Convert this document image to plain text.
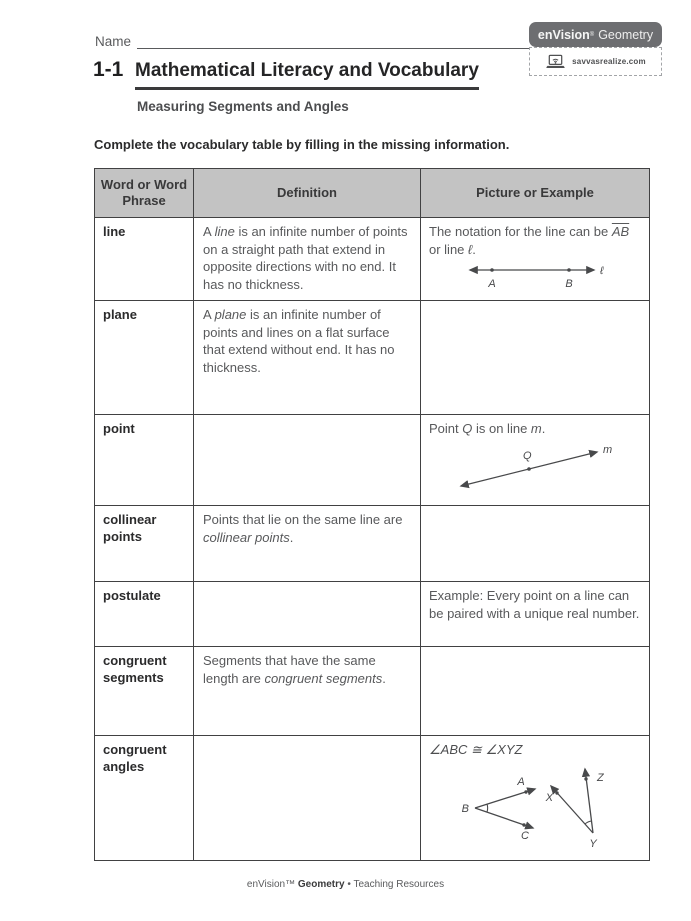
Name	enVision ® Geometry
savvasrealize.com
1-1 Mathematical Literacy and Vocabulary
Measuring Segments and Angles
Complete the vocabulary table by filling in the missing information.
Word or Word Phrase	Definition	Picture or Example
line	A line is an infinite number of points on a straight path that extend in opposite directions with no end. It has no thickness.	The notation for the line can be $\overline{AB}$ or line ℓ.

A B
ℓ

plane	A plane is an infinite number of points and lines on a flat surface that extend without end. It has no thickness.	
point		Point Q is on line m.

Q m

collinear points	Points that lie on the same line are collinear points.	
postulate		Example: Every point on a line can be paired with a unique real number.
congruent segments	Segments that have the same length are congruent segments.	
congruent angles		∠ABC ≅ ∠XYZ

A
B
C
X
Z
Y
enVision™ Geometry • Teaching Resources
